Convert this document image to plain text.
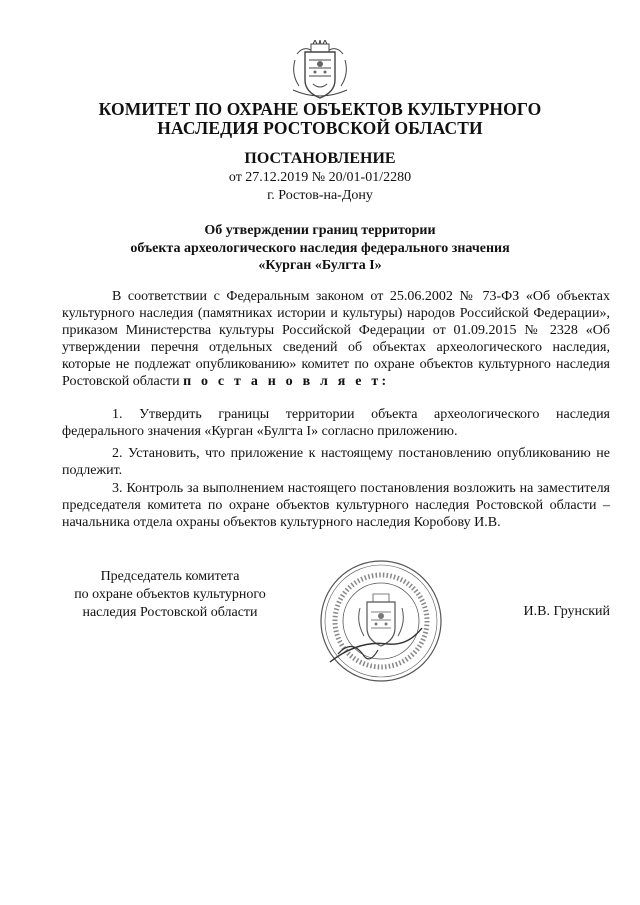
КОМИТЕТ ПО ОХРАНЕ ОБЪЕКТОВ КУЛЬТУРНОГО
НАСЛЕДИЯ РОСТОВСКОЙ ОБЛАСТИ
ПОСТАНОВЛЕНИЕ
от 27.12.2019 № 20/01-01/2280
г. Ростов-на-Дону
Об утверждении границ территории
объекта археологического наследия федерального значения
«Курган «Булгта I»

В соответствии с Федеральным законом от 25.06.2002 № 73-ФЗ «Об объектах культурного наследия (памятниках истории и культуры) народов Российской Федерации», приказом Министерства культуры Российской Федерации от 01.09.2015 № 2328 «Об утверждении перечня отдельных сведений об объектах археологического наследия, которые не подлежат опубликованию» комитет по охране объектов культурного наследия Ростовской области п о с т а н о в л я е т:

1. Утвердить границы территории объекта археологического наследия федерального значения «Курган «Булгта I» согласно приложению.

2. Установить, что приложение к настоящему постановлению опубликованию не подлежит.

3. Контроль за выполнением настоящего постановления возложить на заместителя председателя комитета по охране объектов культурного наследия Ростовской области – начальника отдела охраны объектов культурного наследия Коробову И.В.

Председатель комитета
по охране объектов культурного
наследия Ростовской области	И.В. Грунский
